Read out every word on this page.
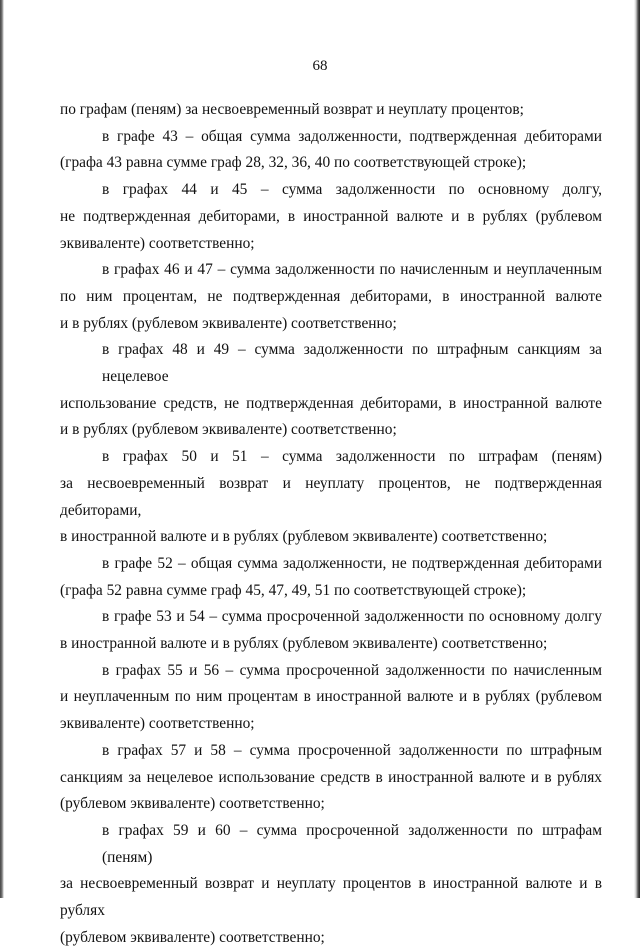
68
по графам (пеням) за несвоевременный возврат и неуплату процентов;
в графе 43 – общая сумма задолженности, подтвержденная дебиторами
(графа 43 равна сумме граф 28, 32, 36, 40 по соответствующей строке);
в графах 44 и 45 – сумма задолженности по основному долгу,
не подтвержденная дебиторами, в иностранной валюте и в рублях (рублевом
эквиваленте) соответственно;
в графах 46 и 47 – сумма задолженности по начисленным и неуплаченным
по ним процентам, не подтвержденная дебиторами, в иностранной валюте
и в рублях (рублевом эквиваленте) соответственно;
в графах 48 и 49 – сумма задолженности по штрафным санкциям за нецелевое
использование средств, не подтвержденная дебиторами, в иностранной валюте
и в рублях (рублевом эквиваленте) соответственно;
в графах 50 и 51 – сумма задолженности по штрафам (пеням)
за несвоевременный возврат и неуплату процентов, не подтвержденная дебиторами,
в иностранной валюте и в рублях (рублевом эквиваленте) соответственно;
в графе 52 – общая сумма задолженности, не подтвержденная дебиторами
(графа 52 равна сумме граф 45, 47, 49, 51 по соответствующей строке);
в графе 53 и 54 – сумма просроченной задолженности по основному долгу
в иностранной валюте и в рублях (рублевом эквиваленте) соответственно;
в графах 55 и 56 – сумма просроченной задолженности по начисленным
и неуплаченным по ним процентам в иностранной валюте и в рублях (рублевом
эквиваленте) соответственно;
в графах 57 и 58 – сумма просроченной задолженности по штрафным
санкциям за нецелевое использование средств в иностранной валюте и в рублях
(рублевом эквиваленте) соответственно;
в графах 59 и 60 – сумма просроченной задолженности по штрафам (пеням)
за несвоевременный возврат и неуплату процентов в иностранной валюте и в рублях
(рублевом эквиваленте) соответственно;
